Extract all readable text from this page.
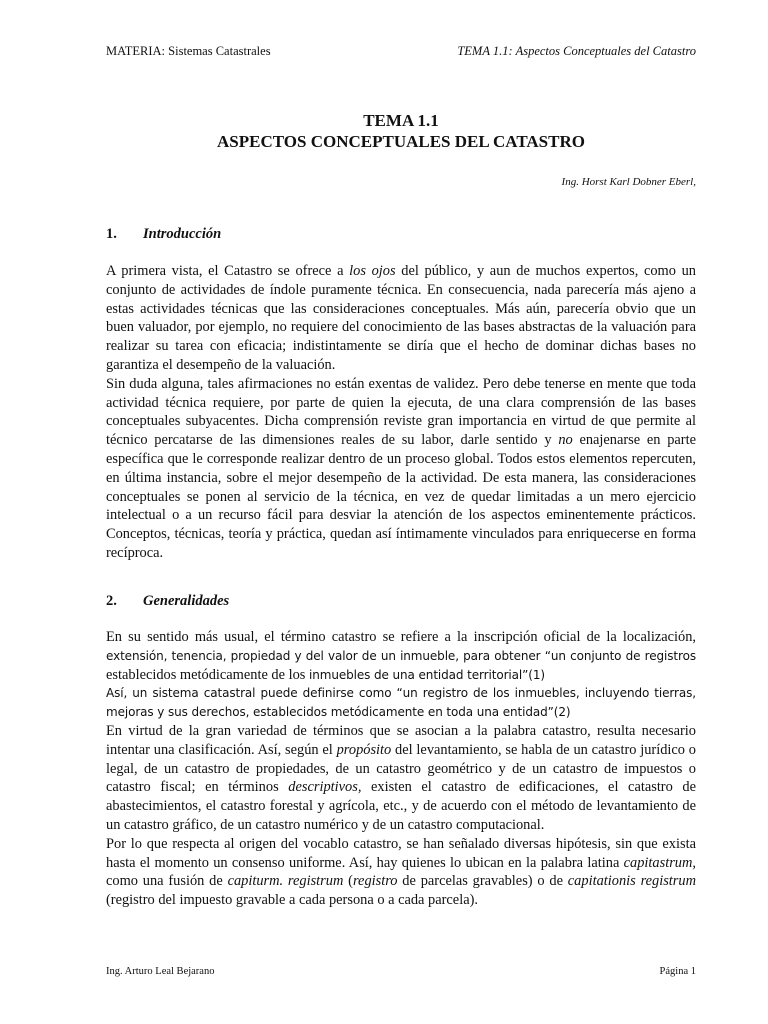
MATERIA: Sistemas Catastrales	TEMA 1.1: Aspectos Conceptuales del Catastro
TEMA 1.1
ASPECTOS CONCEPTUALES DEL CATASTRO
Ing. Horst Karl Dobner Eberl,
1. Introducción

A primera vista, el Catastro se ofrece a los ojos del público, y aun de muchos expertos, como un conjunto de actividades de índole puramente técnica. En consecuencia, nada parecería más ajeno a estas actividades técnicas que las consideraciones conceptuales. Más aún, parecería obvio que un buen valuador, por ejemplo, no requiere del conocimiento de las bases abstractas de la valuación para realizar su tarea con eficacia; indistintamente se diría que el hecho de dominar dichas bases no garantiza el desempeño de la valuación.

Sin duda alguna, tales afirmaciones no están exentas de validez. Pero debe tenerse en mente que toda actividad técnica requiere, por parte de quien la ejecuta, de una clara comprensión de las bases conceptuales subyacentes. Dicha comprensión reviste gran importancia en virtud de que permite al técnico percatarse de las dimensiones reales de su labor, darle sentido y no enajenarse en parte específica que le corresponde realizar dentro de un proceso global. Todos estos elementos repercuten, en última instancia, sobre el mejor desempeño de la actividad. De esta manera, las consideraciones conceptuales se ponen al servicio de la técnica, en vez de quedar limitadas a un mero ejercicio intelectual o a un recurso fácil para desviar la atención de los aspectos eminentemente prácticos. Conceptos, técnicas, teoría y práctica, quedan así íntimamente vinculados para enriquecerse en forma recíproca.

2. Generalidades

En su sentido más usual, el término catastro se refiere a la inscripción oficial de la localización, extensión, tenencia, propiedad y del valor de un inmueble, para obtener “un conjunto de registros establecidos metódicamente de los inmuebles de una entidad territorial”(1)

Así, un sistema catastral puede definirse como “un registro de los inmuebles, incluyendo tierras, mejoras y sus derechos, establecidos metódicamente en toda una entidad”(2)

En virtud de la gran variedad de términos que se asocian a la palabra catastro, resulta necesario intentar una clasificación. Así, según el propósito del levantamiento, se habla de un catastro jurídico o legal, de un catastro de propiedades, de un catastro geométrico y de un catastro de impuestos o catastro fiscal; en términos descriptivos, existen el catastro de edificaciones, el catastro de abastecimientos, el catastro forestal y agrícola, etc., y de acuerdo con el método de levantamiento de un catastro gráfico, de un catastro numérico y de un catastro computacional.

Por lo que respecta al origen del vocablo catastro, se han señalado diversas hipótesis, sin que exista hasta el momento un consenso uniforme. Así, hay quienes lo ubican en la palabra latina capitastrum, como una fusión de capiturm. registrum (registro de parcelas gravables) o de capitationis registrum (registro del impuesto gravable a cada persona o a cada parcela).

Ing. Arturo Leal Bejarano	Página 1
